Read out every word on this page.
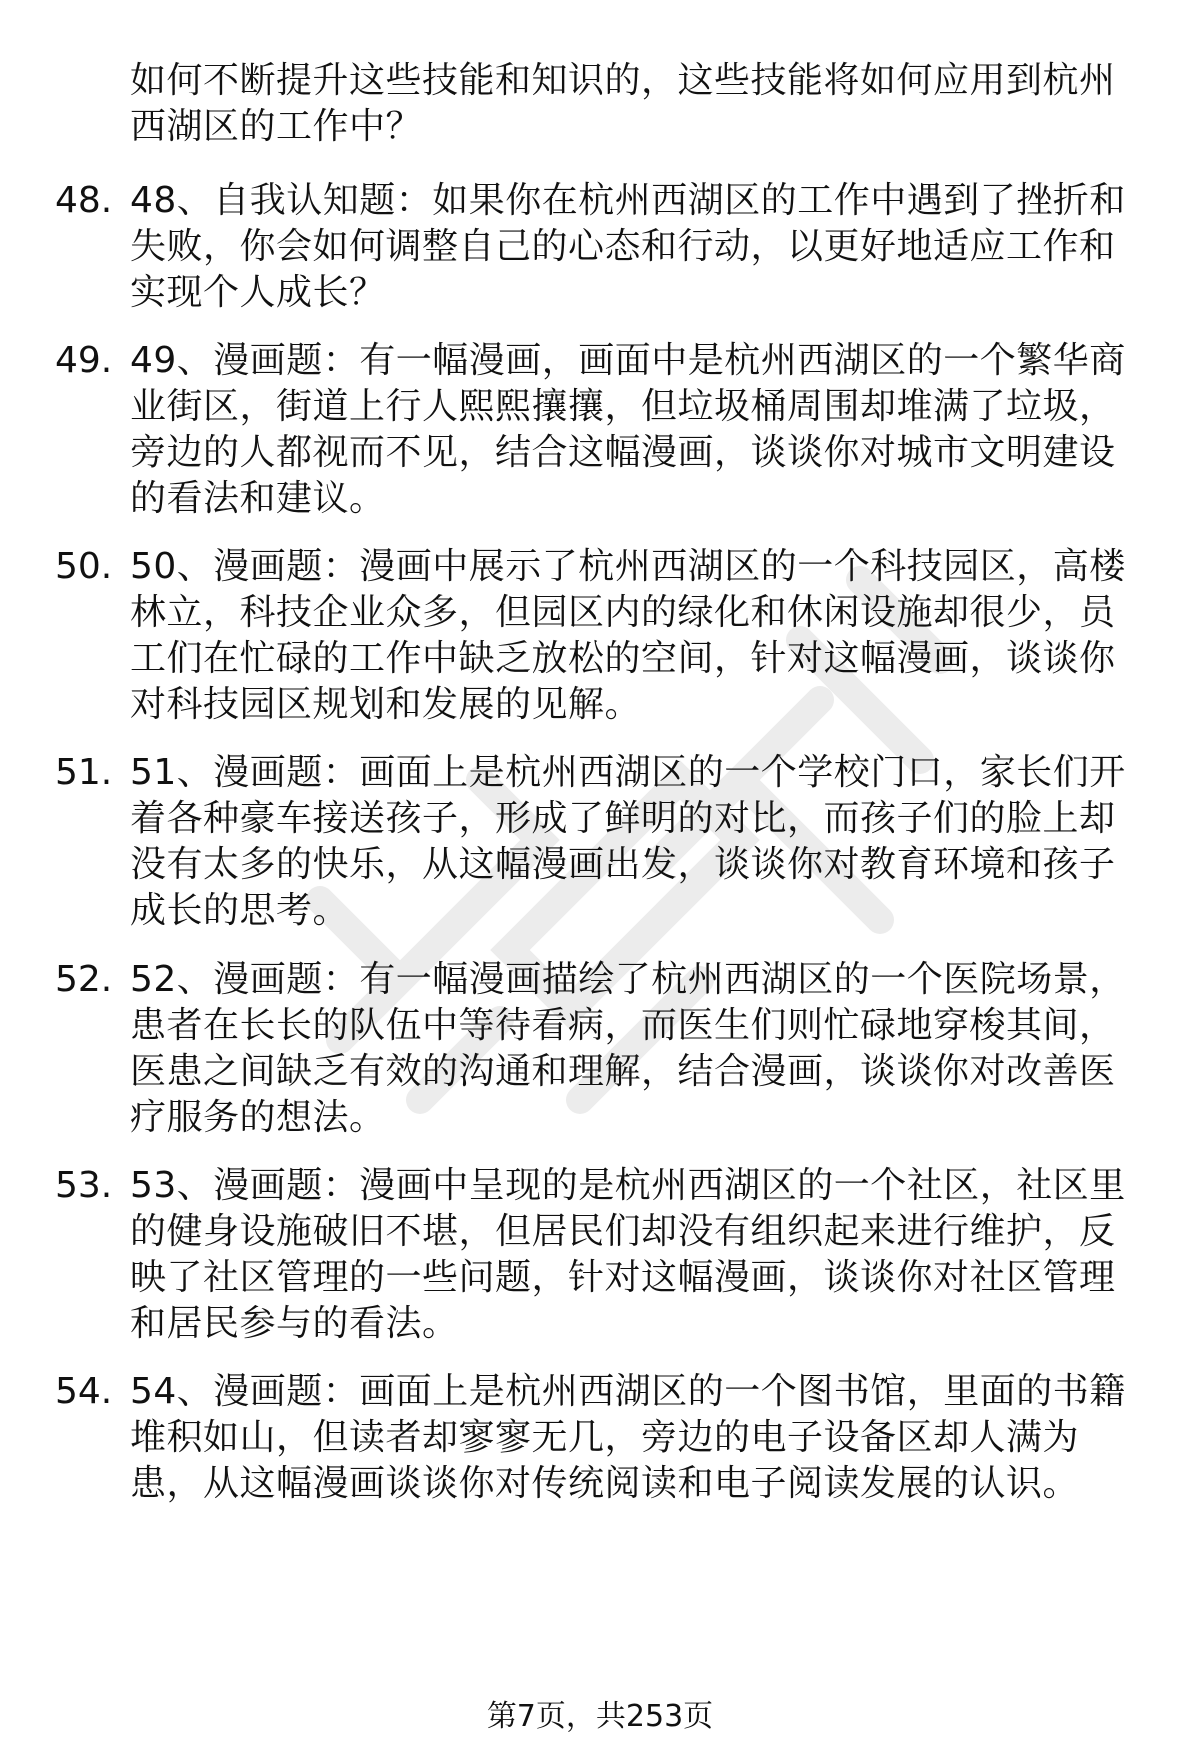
如何不断提升这些技能和知识的，这些技能将如何应用到杭州西湖区的工作中？

48. 48、自我认知题：如果你在杭州西湖区的工作中遇到了挫折和失败，你会如何调整自己的心态和行动，以更好地适应工作和实现个人成长？

49. 49、漫画题：有一幅漫画，画面中是杭州西湖区的一个繁华商业街区，街道上行人熙熙攘攘，但垃圾桶周围却堆满了垃圾，旁边的人都视而不见，结合这幅漫画，谈谈你对城市文明建设的看法和建议。

50. 50、漫画题：漫画中展示了杭州西湖区的一个科技园区，高楼林立，科技企业众多，但园区内的绿化和休闲设施却很少，员工们在忙碌的工作中缺乏放松的空间，针对这幅漫画，谈谈你对科技园区规划和发展的见解。

51. 51、漫画题：画面上是杭州西湖区的一个学校门口，家长们开着各种豪车接送孩子，形成了鲜明的对比，而孩子们的脸上却没有太多的快乐，从这幅漫画出发，谈谈你对教育环境和孩子成长的思考。

52. 52、漫画题：有一幅漫画描绘了杭州西湖区的一个医院场景，患者在长长的队伍中等待看病，而医生们则忙碌地穿梭其间，医患之间缺乏有效的沟通和理解，结合漫画，谈谈你对改善医疗服务的想法。

53. 53、漫画题：漫画中呈现的是杭州西湖区的一个社区，社区里的健身设施破旧不堪，但居民们却没有组织起来进行维护，反映了社区管理的一些问题，针对这幅漫画，谈谈你对社区管理和居民参与的看法。

54. 54、漫画题：画面上是杭州西湖区的一个图书馆，里面的书籍堆积如山，但读者却寥寥无几，旁边的电子设备区却人满为患，从这幅漫画谈谈你对传统阅读和电子阅读发展的认识。

第7页，共253页
